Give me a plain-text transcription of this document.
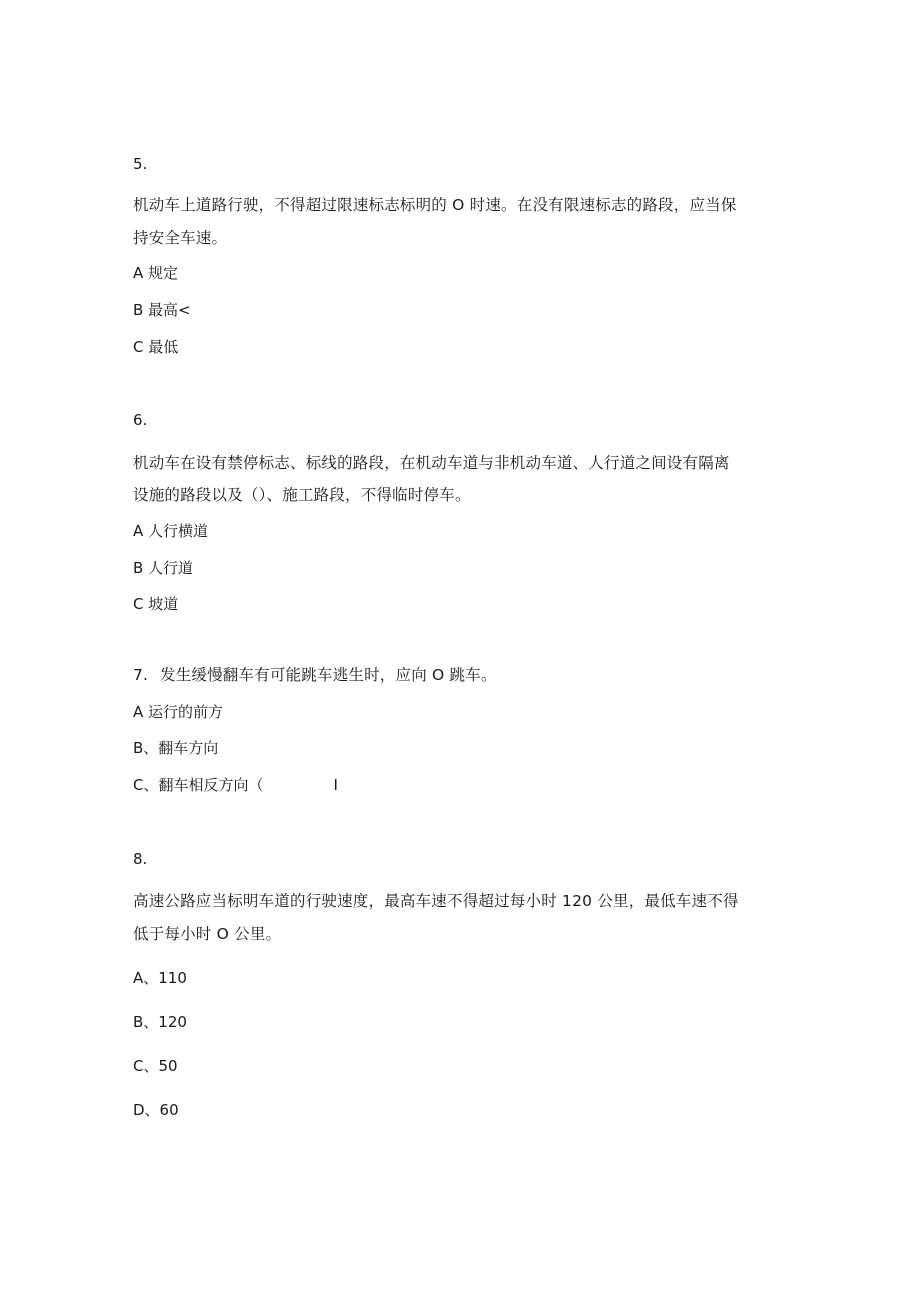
5.

机动车上道路行驶，不得超过限速标志标明的 O 时速。在没有限速标志的路段，应当保

持安全车速。

A 规定

B 最高<

C 最低

6.

机动车在设有禁停标志、标线的路段，在机动车道与非机动车道、人行道之间设有隔离

设施的路段以及（）、施工路段，不得临时停车。

A 人行横道

B 人行道

C 坡道

7. 发生缓慢翻车有可能跳车逃生时，应向 O 跳车。

A 运行的前方

B、翻车方向

C、翻车相反方向（	I

8.

高速公路应当标明车道的行驶速度，最高车速不得超过每小时 120 公里，最低车速不得

低于每小时 O 公里。

A、110

B、120

C、50

D、60
